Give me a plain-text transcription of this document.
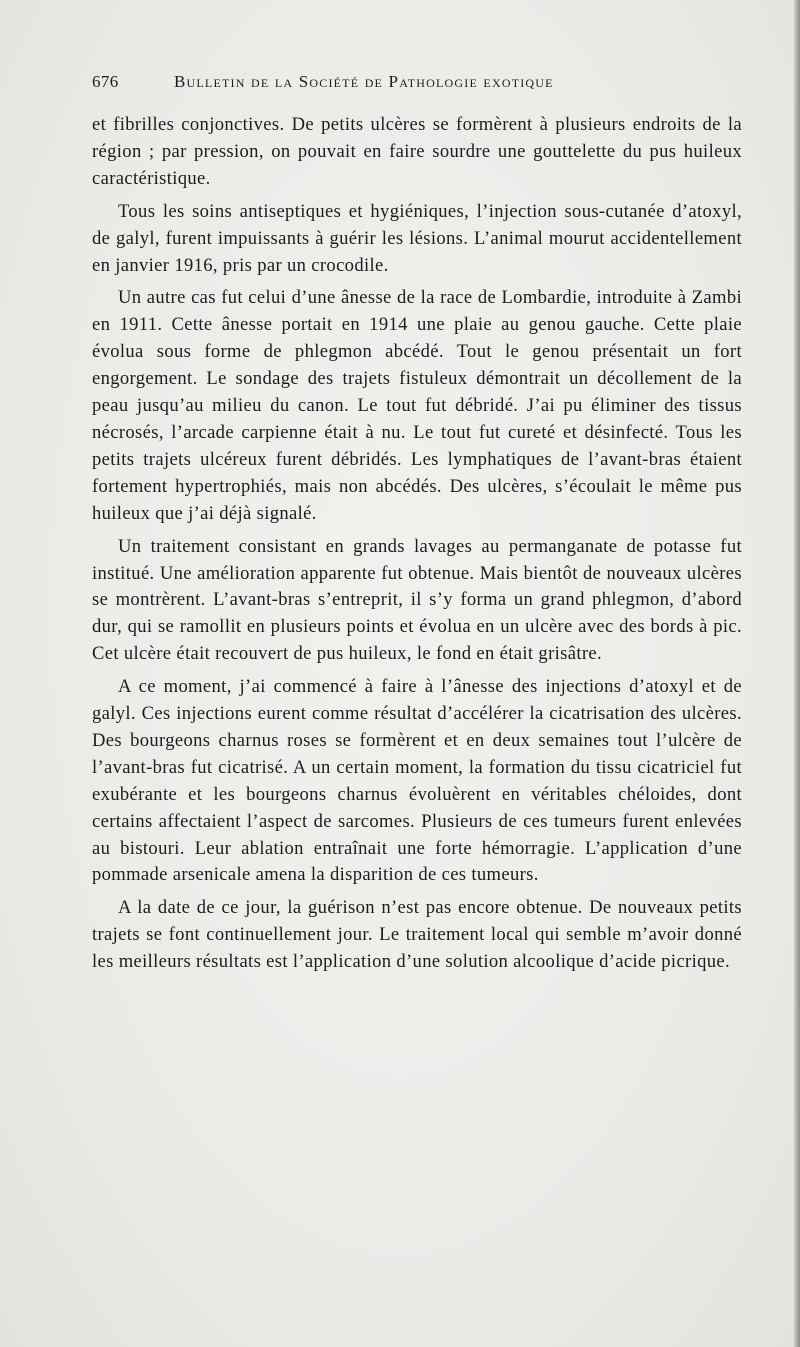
676	Bulletin de la Société de Pathologie exotique

et fibrilles conjonctives. De petits ulcères se formèrent à plusieurs endroits de la région ; par pression, on pouvait en faire sourdre une gouttelette du pus huileux caractéristique.

Tous les soins antiseptiques et hygiéniques, l’injection sous-cutanée d’atoxyl, de galyl, furent impuissants à guérir les lésions. L’animal mourut accidentellement en janvier 1916, pris par un crocodile.

Un autre cas fut celui d’une ânesse de la race de Lombardie, introduite à Zambi en 1911. Cette ânesse portait en 1914 une plaie au genou gauche. Cette plaie évolua sous forme de phlegmon abcédé. Tout le genou présentait un fort engorgement. Le sondage des trajets fistuleux démontrait un décollement de la peau jusqu’au milieu du canon. Le tout fut débridé. J’ai pu éliminer des tissus nécrosés, l’arcade carpienne était à nu. Le tout fut cureté et désinfecté. Tous les petits trajets ulcéreux furent débridés. Les lymphatiques de l’avant-bras étaient fortement hypertrophiés, mais non abcédés. Des ulcères, s’écoulait le même pus huileux que j’ai déjà signalé.

Un traitement consistant en grands lavages au permanganate de potasse fut institué. Une amélioration apparente fut obtenue. Mais bientôt de nouveaux ulcères se montrèrent. L’avant-bras s’entreprit, il s’y forma un grand phlegmon, d’abord dur, qui se ramollit en plusieurs points et évolua en un ulcère avec des bords à pic. Cet ulcère était recouvert de pus huileux, le fond en était grisâtre.

A ce moment, j’ai commencé à faire à l’ânesse des injections d’atoxyl et de galyl. Ces injections eurent comme résultat d’accélérer la cicatrisation des ulcères. Des bourgeons charnus roses se formèrent et en deux semaines tout l’ulcère de l’avant-bras fut cicatrisé. A un certain moment, la formation du tissu cicatriciel fut exubérante et les bourgeons charnus évoluèrent en véritables chéloides, dont certains affectaient l’aspect de sarcomes. Plusieurs de ces tumeurs furent enlevées au bistouri. Leur ablation entraînait une forte hémorragie. L’application d’une pommade arsenicale amena la disparition de ces tumeurs.

A la date de ce jour, la guérison n’est pas encore obtenue. De nouveaux petits trajets se font continuellement jour. Le traitement local qui semble m’avoir donné les meilleurs résultats est l’application d’une solution alcoolique d’acide picrique.
